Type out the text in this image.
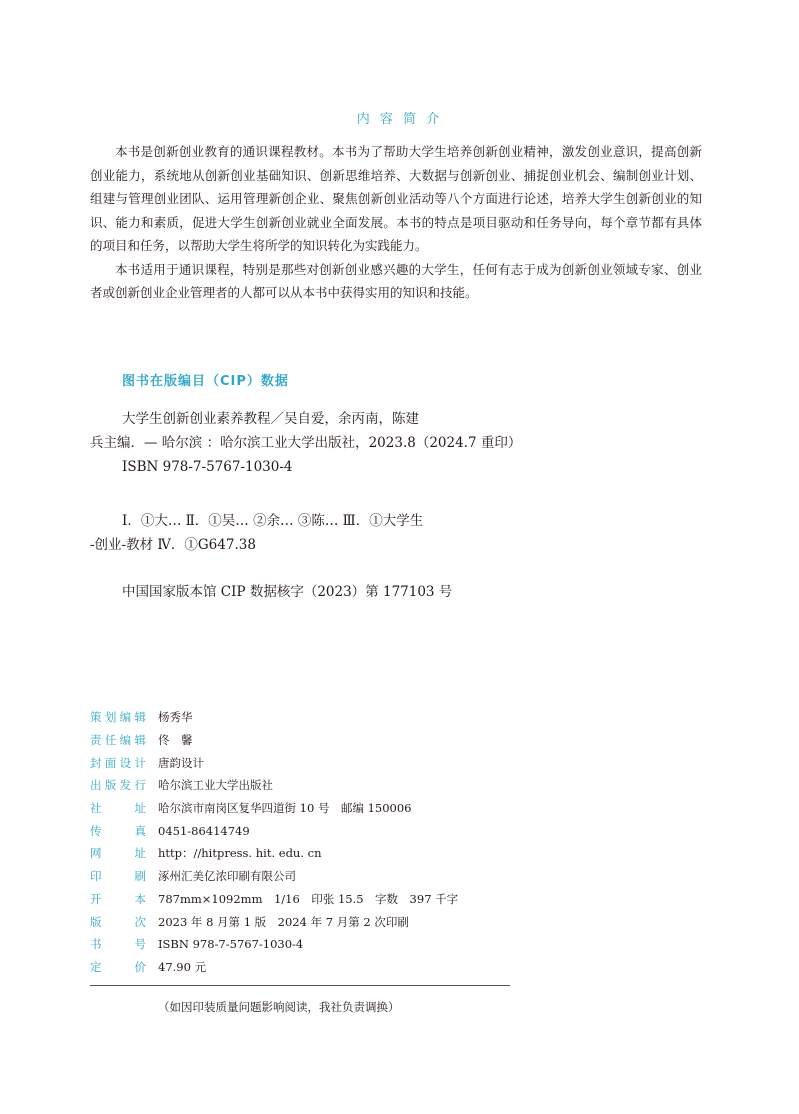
内 容 简 介

本书是创新创业教育的通识课程教材。本书为了帮助大学生培养创新创业精神，激发创业意识，提高创新创业能力，系统地从创新创业基础知识、创新思维培养、大数据与创新创业、捕捉创业机会、编制创业计划、组建与管理创业团队、运用管理新创企业、聚焦创新创业活动等八个方面进行论述，培养大学生创新创业的知识、能力和素质，促进大学生创新创业就业全面发展。本书的特点是项目驱动和任务导向，每个章节都有具体的项目和任务，以帮助大学生将所学的知识转化为实践能力。

本书适用于通识课程，特别是那些对创新创业感兴趣的大学生，任何有志于成为创新创业领域专家、创业者或创新创业企业管理者的人都可以从本书中获得实用的知识和技能。

图书在版编目（CIP）数据
大学生创新创业素养教程／吴自爱，余丙南，陈建
兵主编．— 哈尔滨 ：哈尔滨工业大学出版社，2023.8（2024.7 重印）
ISBN 978-7-5767-1030-4
Ⅰ．①大… Ⅱ．①吴… ②余… ③陈… Ⅲ．①大学生
-创业-教材 Ⅳ．①G647.38
中国国家版本馆 CIP 数据核字（2023）第 177103 号
策 划 编 辑 杨秀华
责 任 编 辑 佟　馨
封 面 设 计 唐韵设计
出 版 发 行 哈尔滨工业大学出版社
社	址 哈尔滨市南岗区复华四道街 10 号　邮编 150006
传	真 0451-86414749
网	址 http：//hitpress. hit. edu. cn
印	刷 涿州汇美亿浓印刷有限公司
开	本 787mm×1092mm　1/16　印张 15.5　字数　397 千字
版	次 2023 年 8 月第 1 版　2024 年 7 月第 2 次印刷
书	号 ISBN 978-7-5767-1030-4
定	价 47.90 元
（如因印装质量问题影响阅读，我社负责调换）
